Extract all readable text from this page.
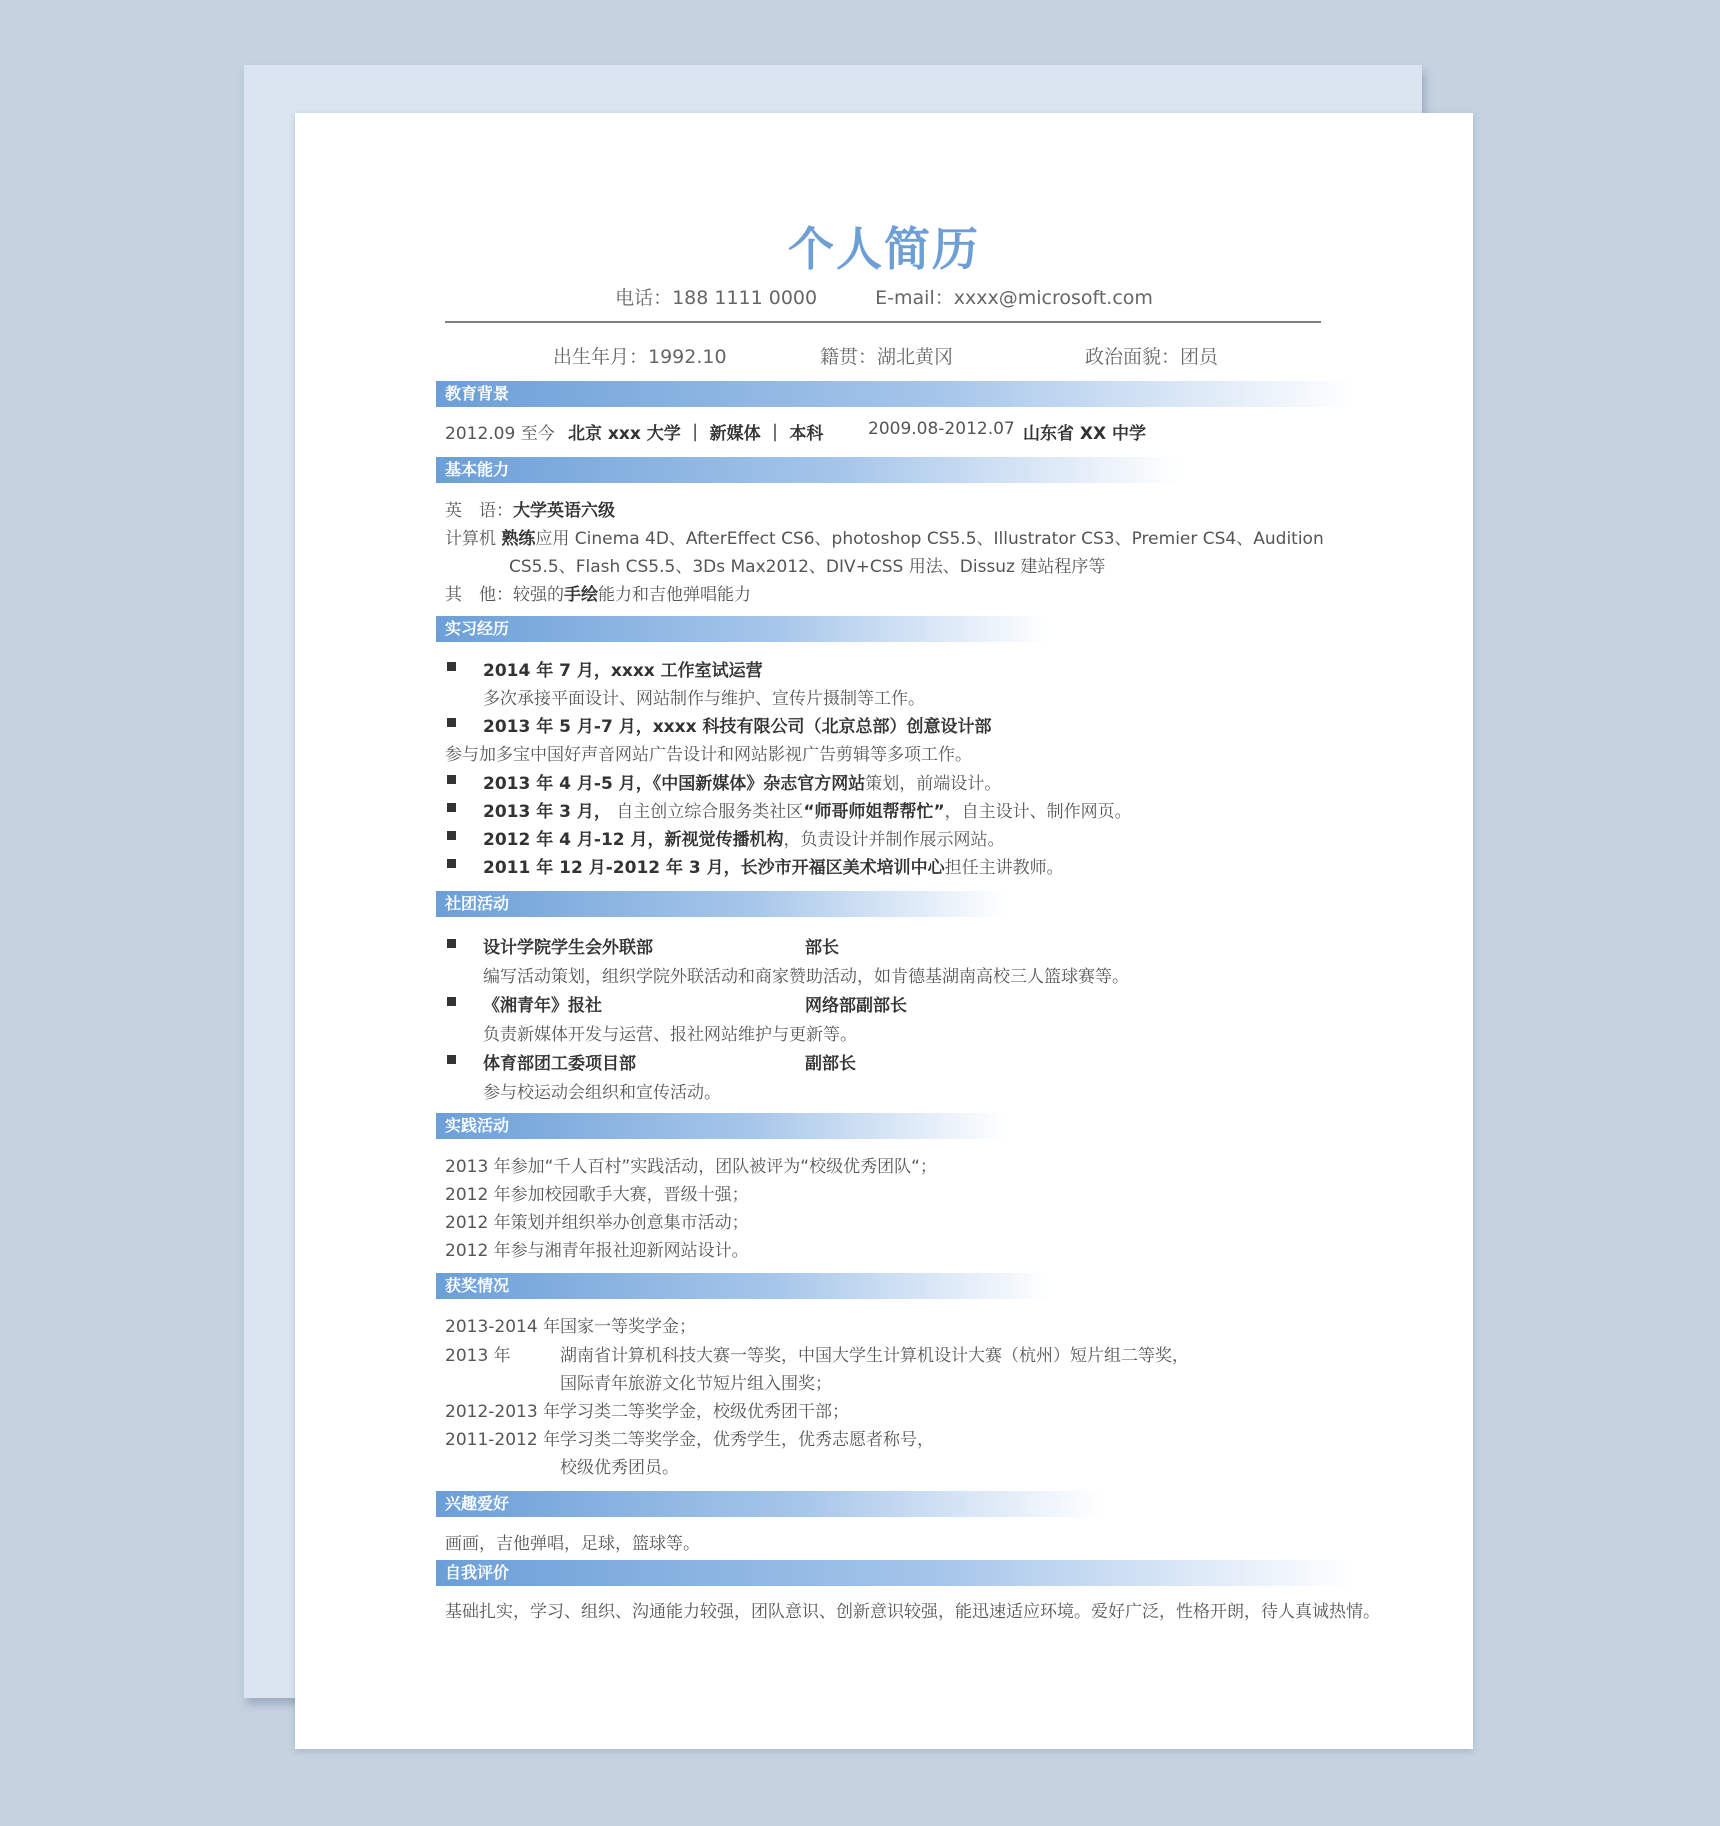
个人简历
电话：188 1111 0000	E-mail：xxxx@microsoft.com
出生年月：1992.10	籍贯：湖北黄冈	政治面貌：团员
教育背景
2012.09 至今 北京 xxx 大学 ｜ 新媒体 ｜ 本科	2009.08-2012.07 山东省 XX 中学
基本能力
英　语：大学英语六级
计算机 熟练应用 Cinema 4D、AfterEffect CS6、photoshop CS5.5、Illustrator CS3、Premier CS4、Audition
CS5.5、Flash CS5.5、3Ds Max2012、DIV+CSS 用法、Dissuz 建站程序等
其　他：较强的手绘能力和吉他弹唱能力
实习经历
2014 年 7 月，xxxx 工作室试运营
多次承接平面设计、网站制作与维护、宣传片摄制等工作。
2013 年 5 月-7 月，xxxx 科技有限公司（北京总部）创意设计部
参与加多宝中国好声音网站广告设计和网站影视广告剪辑等多项工作。
2013 年 4 月-5 月，《中国新媒体》杂志官方网站策划，前端设计。
2013 年 3 月， 自主创立综合服务类社区“师哥师姐帮帮忙”，自主设计、制作网页。
2012 年 4 月-12 月，新视觉传播机构，负责设计并制作展示网站。
2011 年 12 月-2012 年 3 月，长沙市开福区美术培训中心担任主讲教师。
社团活动
设计学院学生会外联部	部长
编写活动策划，组织学院外联活动和商家赞助活动，如肯德基湖南高校三人篮球赛等。
《湘青年》报社	网络部副部长
负责新媒体开发与运营、报社网站维护与更新等。
体育部团工委项目部	副部长
参与校运动会组织和宣传活动。
实践活动
2013 年参加“千人百村”实践活动，团队被评为“校级优秀团队“；
2012 年参加校园歌手大赛，晋级十强；
2012 年策划并组织举办创意集市活动；
2012 年参与湘青年报社迎新网站设计。
获奖情况
2013-2014 年 国家一等奖学金；
2013 年	湖南省计算机科技大赛一等奖，中国大学生计算机设计大赛（杭州）短片组二等奖，
国际青年旅游文化节短片组入围奖；
2012-2013 年 学习类二等奖学金，校级优秀团干部；
2011-2012 年 学习类二等奖学金，优秀学生，优秀志愿者称号，
校级优秀团员。
兴趣爱好
画画，吉他弹唱，足球，篮球等。
自我评价
基础扎实，学习、组织、沟通能力较强，团队意识、创新意识较强，能迅速适应环境。爱好广泛，性格开朗，待人真诚热情。
